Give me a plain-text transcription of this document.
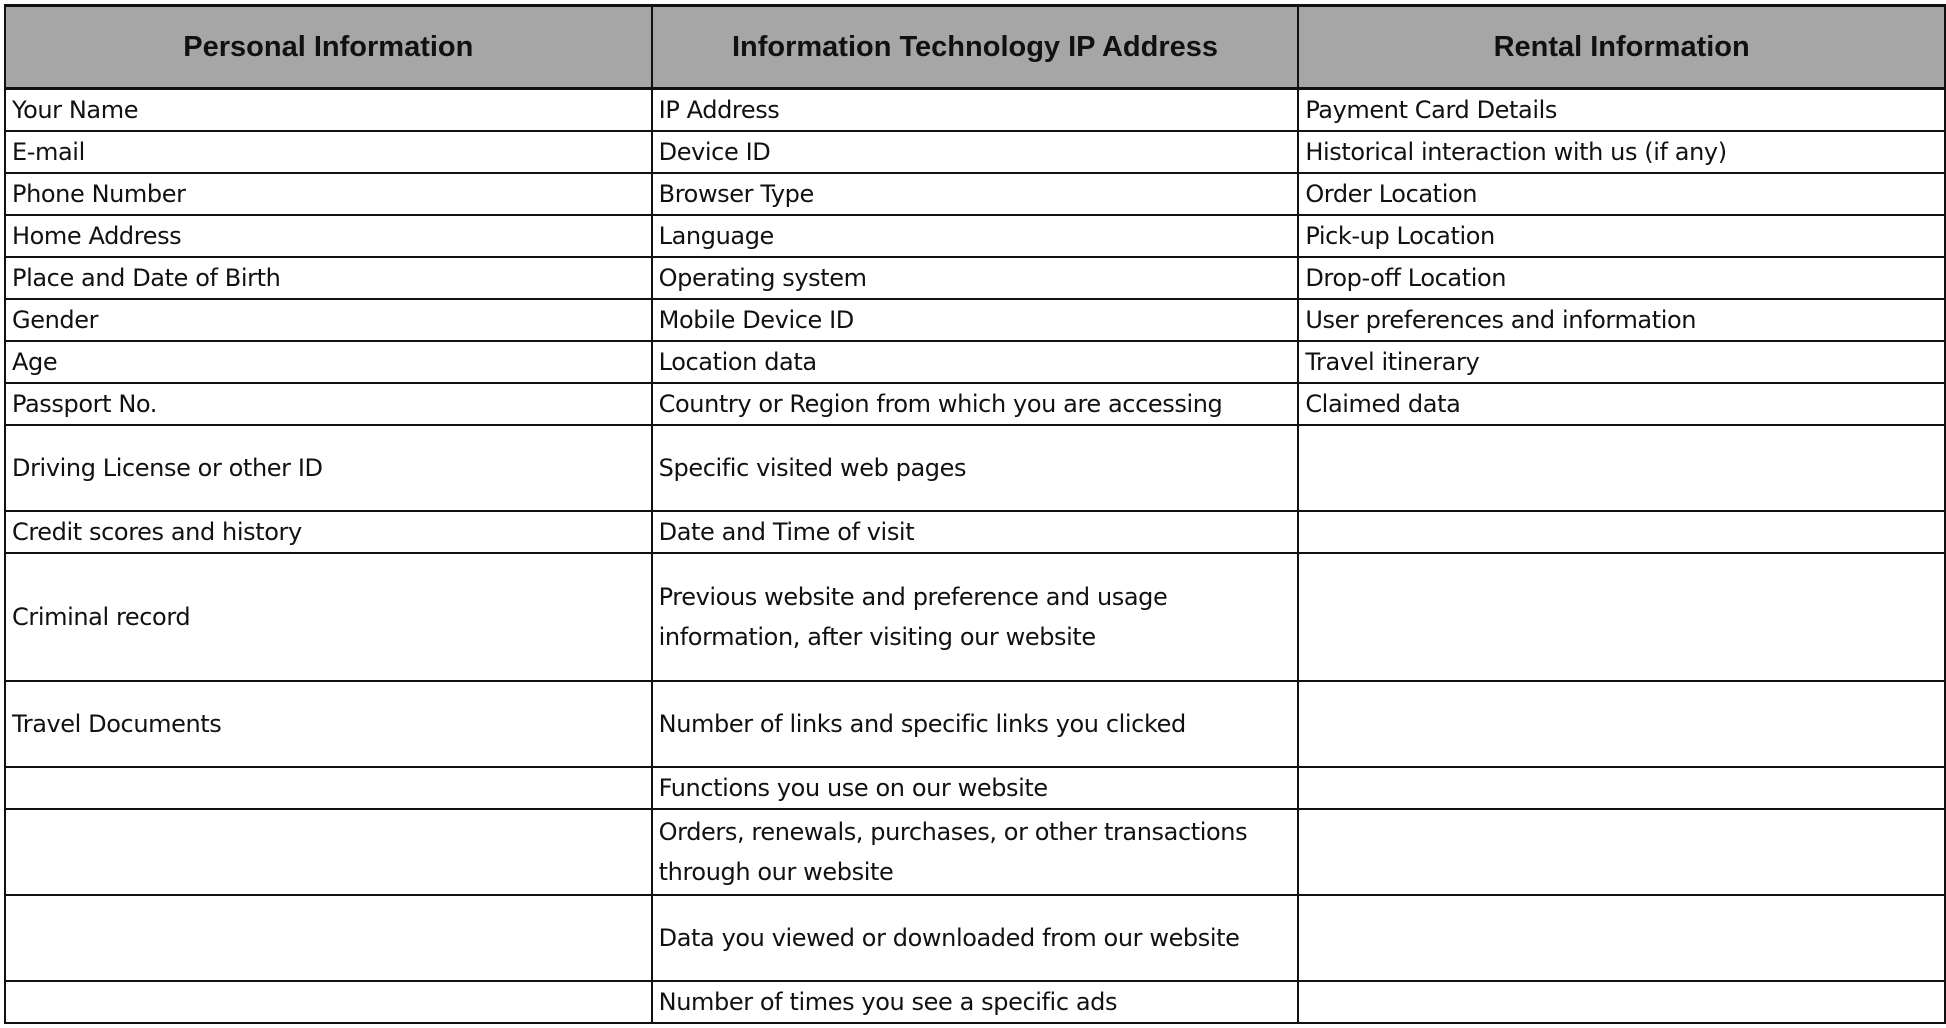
Personal Information	Information Technology IP Address	Rental Information
Your Name	IP Address	Payment Card Details
E-mail	Device ID	Historical interaction with us (if any)
Phone Number	Browser Type	Order Location
Home Address	Language	Pick-up Location
Place and Date of Birth	Operating system	Drop-off Location
Gender	Mobile Device ID	User preferences and information
Age	Location data	Travel itinerary
Passport No.	Country or Region from which you are accessing	Claimed data
Driving License or other ID	Specific visited web pages	
Credit scores and history	Date and Time of visit	
Criminal record	Previous website and preference and usage information, after visiting our website	
Travel Documents	Number of links and specific links you clicked	
	Functions you use on our website	
	Orders, renewals, purchases, or other transactions through our website	
	Data you viewed or downloaded from our website	
	Number of times you see a specific ads	
